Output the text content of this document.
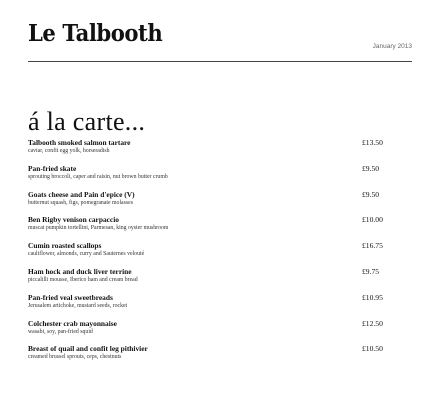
Le Talbooth	January 2013
á la carte...
Talbooth smoked salmon tartare
caviar, confit egg yolk, horseradish
£13.50
Pan-fried skate
sprouting broccoli, caper and raisin, nut brown butter crumb
£9.50
Goats cheese and Pain d'epice (V)
butternut squash, figs, pomegranate molasses
£9.50
Ben Rigby venison carpaccio
muscat pumpkin tortellini, Parmesan, king oyster mushroom
£10.00
Cumin roasted scallops
cauliflower, almonds, curry and Sauternes velouté
£16.75
Ham hock and duck liver terrine
piccalilli mousse, Iberico ham and cream bread
£9.75
Pan-fried veal sweetbreads
Jerusalem artichoke, mustard seeds, rocket
£10.95
Colchester crab mayonnaise
wasabi, soy, pan-fried squid
£12.50
Breast of quail and confit leg pithivier
creamed brussel sprouts, ceps, chestnuts
£10.50
